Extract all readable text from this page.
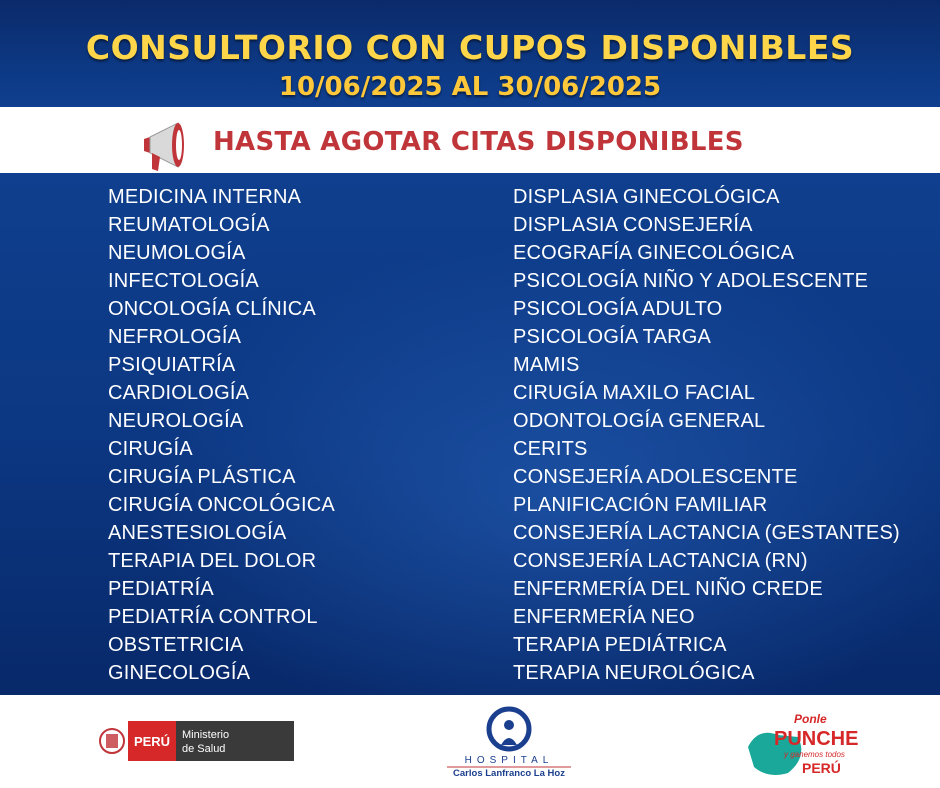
CONSULTORIO CON CUPOS DISPONIBLES
10/06/2025 AL 30/06/2025
HASTA AGOTAR CITAS DISPONIBLES
MEDICINA INTERNA
REUMATOLOGÍA
NEUMOLOGÍA
INFECTOLOGÍA
ONCOLOGÍA CLÍNICA
NEFROLOGÍA
PSIQUIATRÍA
CARDIOLOGÍA
NEUROLOGÍA
CIRUGÍA
CIRUGÍA PLÁSTICA
CIRUGÍA ONCOLÓGICA
ANESTESIOLOGÍA
TERAPIA DEL DOLOR
PEDIATRÍA
PEDIATRÍA CONTROL
OBSTETRICIA
GINECOLOGÍA
DISPLASIA GINECOLÓGICA
DISPLASIA CONSEJERÍA
ECOGRAFÍA GINECOLÓGICA
PSICOLOGÍA NIÑO Y ADOLESCENTE
PSICOLOGÍA ADULTO
PSICOLOGÍA TARGA
MAMIS
CIRUGÍA MAXILO FACIAL
ODONTOLOGÍA GENERAL
CERITS
CONSEJERÍA ADOLESCENTE
PLANIFICACIÓN FAMILIAR
CONSEJERÍA LACTANCIA (GESTANTES)
CONSEJERÍA LACTANCIA (RN)
ENFERMERÍA DEL NIÑO CREDE
ENFERMERÍA NEO
TERAPIA PEDIÁTRICA
TERAPIA NEUROLÓGICA
PERÚ Ministerio
de Salud
HOSPITAL
Carlos Lanfranco La Hoz
Ponle
PUNCHE
y ganemos todos
PERÚ
